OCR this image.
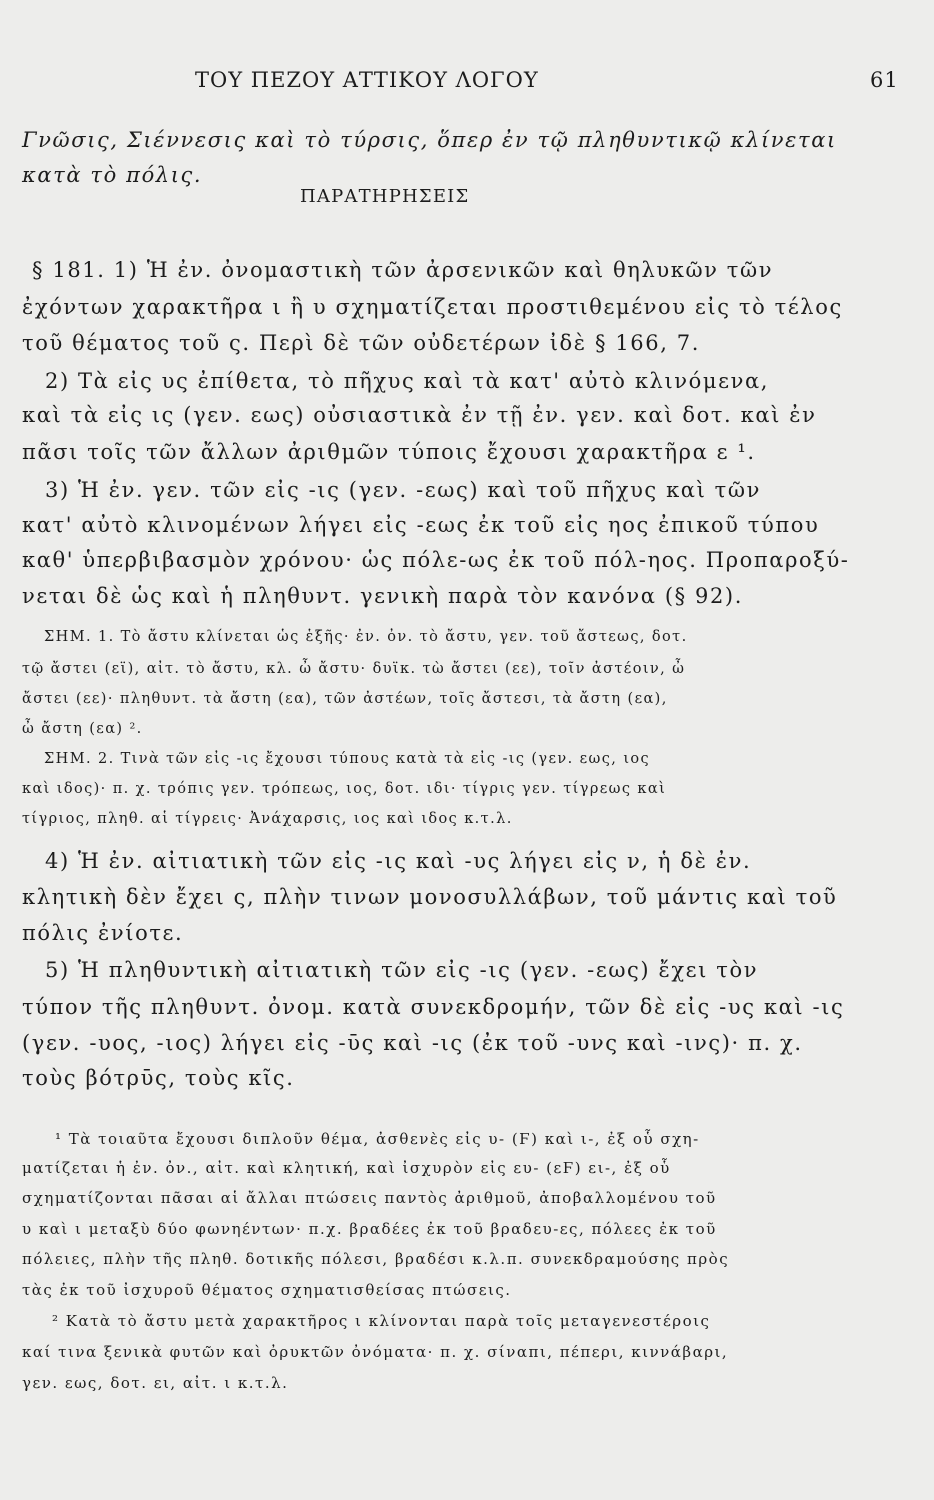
ΤΟΥ ΠΕΖΟΥ ΑΤΤΙΚΟΥ ΛΟΓΟΥ	61
Γνῶσις, Σιέννεσις καὶ τὸ τύρσις, ὅπερ ἐν τῷ πληθυντικῷ κλίνεται
κατὰ τὸ πόλις.
ΠΑΡΑΤΗΡΗΣΕΙΣ
§ 181. 1) Ἡ ἐν. ὀνομαστικὴ τῶν ἀρσενικῶν καὶ θηλυκῶν τῶν
ἐχόντων χαρακτῆρα ι ἢ υ σχηματίζεται προστιθεμένου εἰς τὸ τέλος
τοῦ θέματος τοῦ ς. Περὶ δὲ τῶν οὐδετέρων ἰδὲ § 166, 7.
2) Τὰ εἰς υς ἐπίθετα, τὸ πῆχυς καὶ τὰ κατ' αὐτὸ κλινόμενα,
καὶ τὰ εἰς ις (γεν. εως) οὐσιαστικὰ ἐν τῇ ἐν. γεν. καὶ δοτ. καὶ ἐν
πᾶσι τοῖς τῶν ἄλλων ἀριθμῶν τύποις ἔχουσι χαρακτῆρα ε ¹.
3) Ἡ ἐν. γεν. τῶν εἰς -ις (γεν. -εως) καὶ τοῦ πῆχυς καὶ τῶν
κατ' αὐτὸ κλινομένων λήγει εἰς -εως ἐκ τοῦ εἰς ηος ἐπικοῦ τύπου
καθ' ὑπερβιβασμὸν χρόνου· ὡς πόλε-ως ἐκ τοῦ πόλ-ηος. Προπαροξύ-
νεται δὲ ὡς καὶ ἡ πληθυντ. γενικὴ παρὰ τὸν κανόνα (§ 92).
ΣΗΜ. 1. Τὸ ἄστυ κλίνεται ὡς ἑξῆς· ἐν. ὀν. τὸ ἄστυ, γεν. τοῦ ἄστεως, δοτ.
τῷ ἄστει (εϊ), αἰτ. τὸ ἄστυ, κλ. ὦ ἄστυ· δυϊκ. τὼ ἄστει (εε), τοῖν ἀστέοιν, ὦ
ἄστει (εε)· πληθυντ. τὰ ἄστη (εα), τῶν ἀστέων, τοῖς ἄστεσι, τὰ ἄστη (εα),
ὦ ἄστη (εα) ².
ΣΗΜ. 2. Τινὰ τῶν εἰς -ις ἔχουσι τύπους κατὰ τὰ εἰς -ις (γεν. εως, ιος
καὶ ιδος)· π. χ. τρόπις γεν. τρόπεως, ιος, δοτ. ιδι· τίγρις γεν. τίγρεως καὶ
τίγριος, πληθ. αἱ τίγρεις· Ἀνάχαρσις, ιος καὶ ιδος κ.τ.λ.
4) Ἡ ἐν. αἰτιατικὴ τῶν εἰς -ις καὶ -υς λήγει εἰς ν, ἡ δὲ ἐν.
κλητικὴ δὲν ἔχει ς, πλὴν τινων μονοσυλλάβων, τοῦ μάντις καὶ τοῦ
πόλις ἐνίοτε.
5) Ἡ πληθυντικὴ αἰτιατικὴ τῶν εἰς -ις (γεν. -εως) ἔχει τὸν
τύπον τῆς πληθυντ. ὀνομ. κατὰ συνεκδρομήν, τῶν δὲ εἰς -υς καὶ -ις
(γεν. -υος, -ιος) λήγει εἰς -ῡς καὶ -ις (ἐκ τοῦ -υνς καὶ -ινς)· π. χ.
τοὺς βότρῡς, τοὺς κῖς.
¹ Τὰ τοιαῦτα ἔχουσι διπλοῦν θέμα, ἀσθενὲς εἰς υ- (Ϝ) καὶ ι-, ἐξ οὗ σχη-
ματίζεται ἡ ἐν. ὀν., αἰτ. καὶ κλητική, καὶ ἰσχυρὸν εἰς ευ- (εϜ) ει-, ἐξ οὗ
σχηματίζονται πᾶσαι αἱ ἄλλαι πτώσεις παντὸς ἀριθμοῦ, ἀποβαλλομένου τοῦ
υ καὶ ι μεταξὺ δύο φωνηέντων· π.χ. βραδέες ἐκ τοῦ βραδευ-ες, πόλεες ἐκ τοῦ
πόλειες, πλὴν τῆς πληθ. δοτικῆς πόλεσι, βραδέσι κ.λ.π. συνεκδραμούσης πρὸς
τὰς ἐκ τοῦ ἰσχυροῦ θέματος σχηματισθείσας πτώσεις.
² Κατὰ τὸ ἄστυ μετὰ χαρακτῆρος ι κλίνονται παρὰ τοῖς μεταγενεστέροις
καί τινα ξενικὰ φυτῶν καὶ ὀρυκτῶν ὀνόματα· π. χ. σίναπι, πέπερι, κιννάβαρι,
γεν. εως, δοτ. ει, αἰτ. ι κ.τ.λ.
